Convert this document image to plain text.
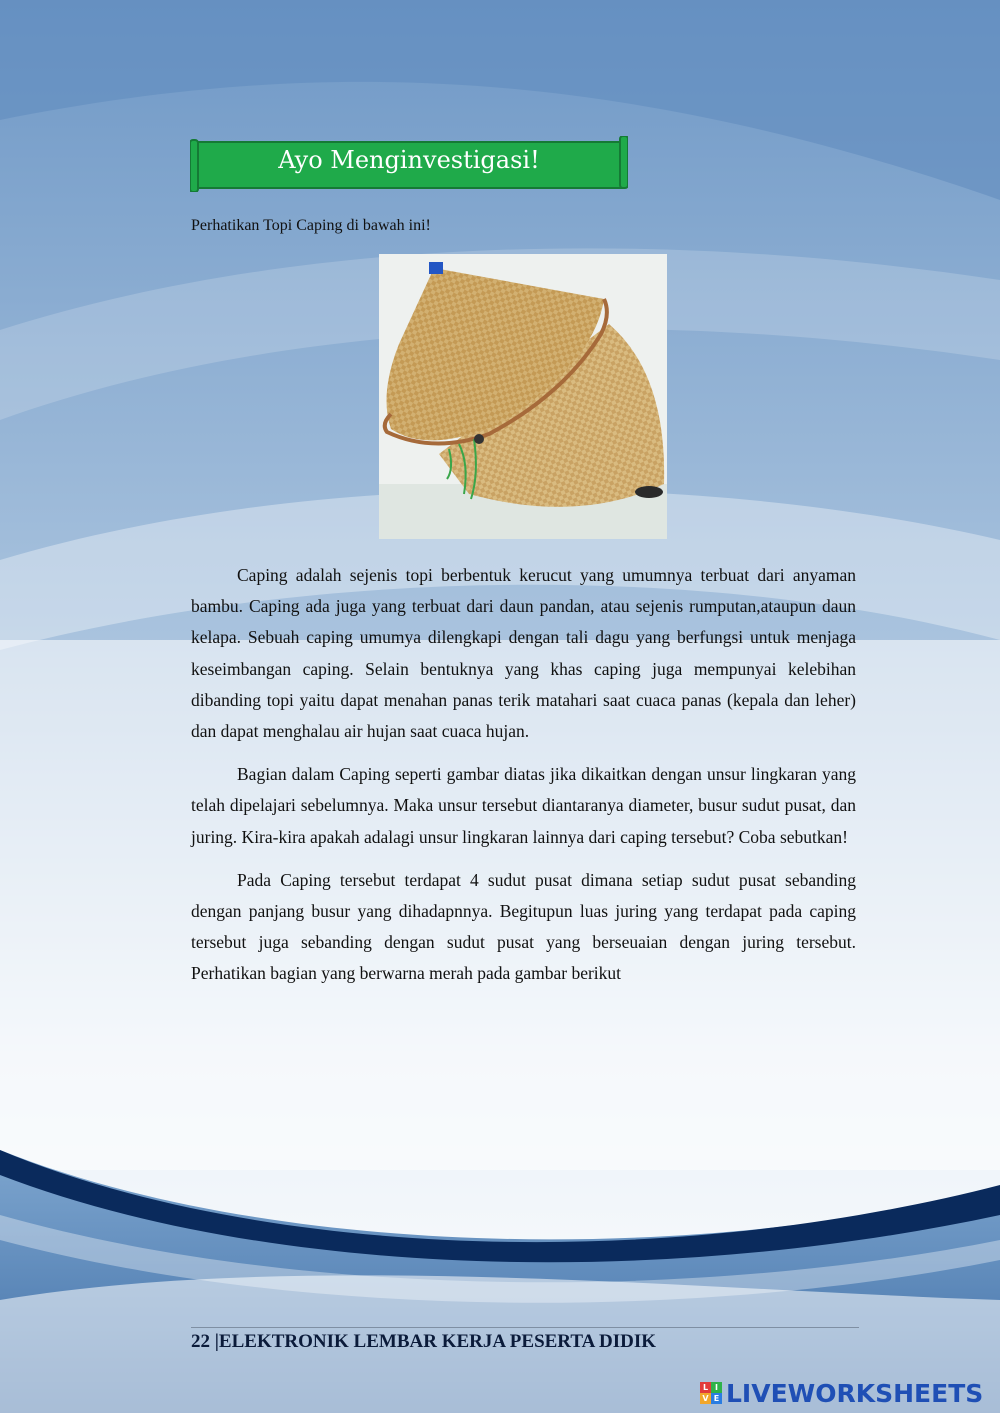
Ayo Menginvestigasi!
Perhatikan Topi Caping di bawah ini!

Caping adalah sejenis topi berbentuk kerucut yang umumnya terbuat dari anyaman bambu. Caping ada juga yang terbuat dari daun pandan, atau sejenis rumputan,ataupun daun kelapa. Sebuah caping umumya dilengkapi dengan tali dagu yang berfungsi untuk menjaga keseimbangan caping. Selain bentuknya yang khas caping juga mempunyai kelebihan dibanding topi yaitu dapat menahan panas terik matahari saat cuaca panas (kepala dan leher) dan dapat menghalau air hujan saat cuaca hujan.

Bagian dalam Caping seperti gambar diatas jika dikaitkan dengan unsur lingkaran yang telah dipelajari sebelumnya. Maka unsur tersebut diantaranya diameter, busur sudut pusat, dan juring. Kira-kira apakah adalagi unsur lingkaran lainnya dari caping tersebut? Coba sebutkan!

Pada Caping tersebut terdapat 4 sudut pusat dimana setiap sudut pusat sebanding dengan panjang busur yang dihadapnnya. Begitupun luas juring yang terdapat pada caping tersebut juga sebanding dengan sudut pusat yang berseuaian dengan juring tersebut. Perhatikan bagian yang berwarna merah pada gambar berikut

22 |ELEKTRONIK LEMBAR KERJA PESERTA DIDIK
L I
V E LIVEWORKSHEETS
